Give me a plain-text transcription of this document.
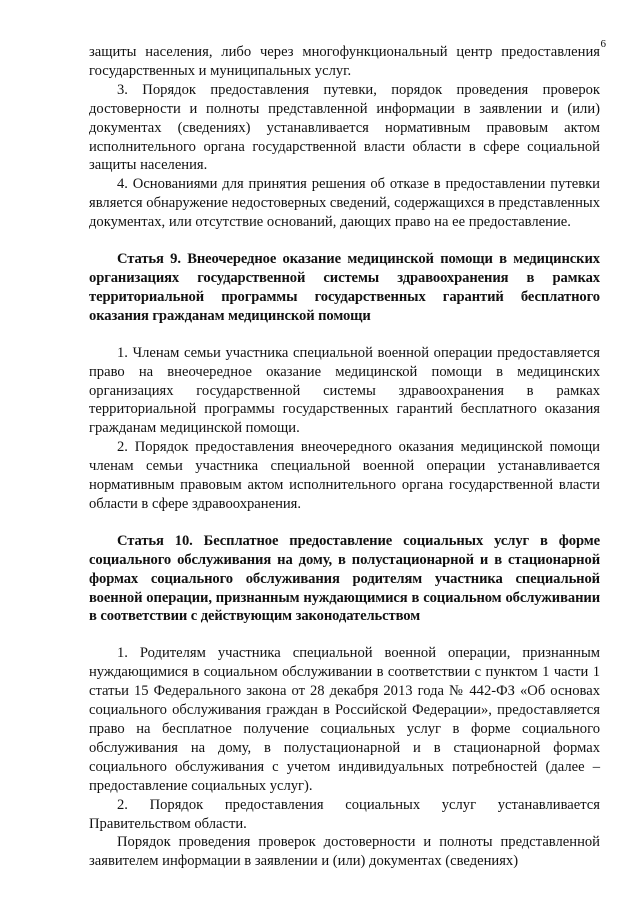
6

защиты населения, либо через многофункциональный центр предоставления государственных и муниципальных услуг.

3. Порядок предоставления путевки, порядок проведения проверок достоверности и полноты представленной информации в заявлении и (или) документах (сведениях) устанавливается нормативным правовым актом исполнительного органа государственной власти области в сфере социальной защиты населения.

4. Основаниями для принятия решения об отказе в предоставлении путевки является обнаружение недостоверных сведений, содержащихся в представленных документах, или отсутствие оснований, дающих право на ее предоставление.

Статья 9. Внеочередное оказание медицинской помощи в медицинских организациях государственной системы здравоохранения в рамках территориальной программы государственных гарантий бесплатного оказания гражданам медицинской помощи

1. Членам семьи участника специальной военной операции предоставляется право на внеочередное оказание медицинской помощи в медицинских организациях государственной системы здравоохранения в рамках территориальной программы государственных гарантий бесплатного оказания гражданам медицинской помощи.

2. Порядок предоставления внеочередного оказания медицинской помощи членам семьи участника специальной военной операции устанавливается нормативным правовым актом исполнительного органа государственной власти области в сфере здравоохранения.

Статья 10. Бесплатное предоставление социальных услуг в форме социального обслуживания на дому, в полустационарной и в стационарной формах социального обслуживания родителям участника специальной военной операции, признанным нуждающимися в социальном обслуживании в соответствии с действующим законодательством

1. Родителям участника специальной военной операции, признанным нуждающимися в социальном обслуживании в соответствии с пунктом 1 части 1 статьи 15 Федерального закона от 28 декабря 2013 года № 442-ФЗ «Об основах социального обслуживания граждан в Российской Федерации», предоставляется право на бесплатное получение социальных услуг в форме социального обслуживания на дому, в полустационарной и в стационарной формах социального обслуживания с учетом индивидуальных потребностей (далее – предоставление социальных услуг).

2. Порядок предоставления социальных услуг устанавливается Правительством области.

Порядок проведения проверок достоверности и полноты представленной заявителем информации в заявлении и (или) документах (сведениях)
